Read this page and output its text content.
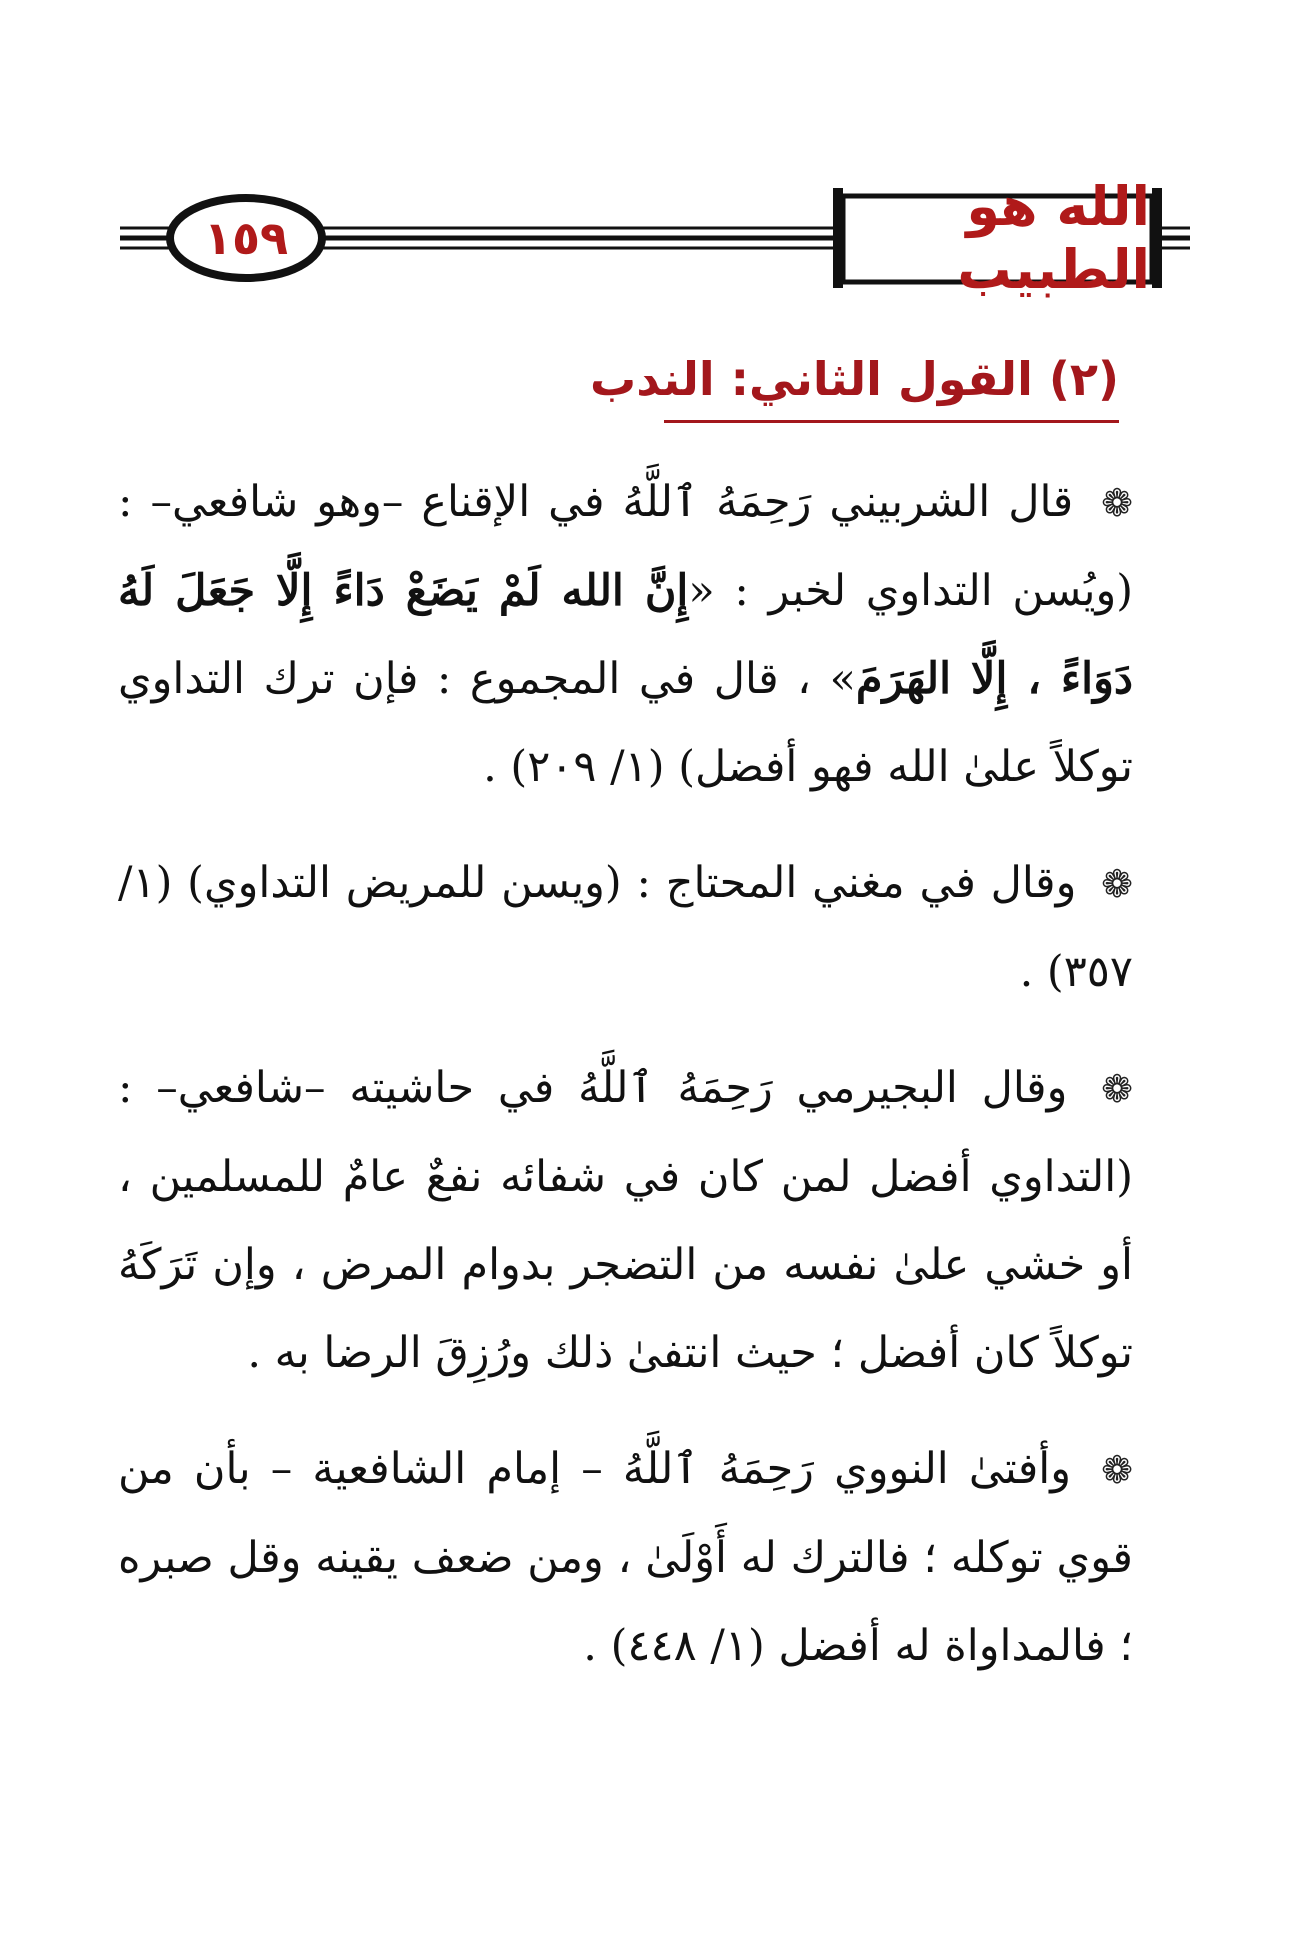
١٥٩	الله هو الطبيب
(٢) القول الثاني: الندب

❁ قال الشربيني رَحِمَهُ ٱللَّهُ في الإقناع –وهو شافعي– : (ويُسن التداوي لخبر : «إِنَّ الله لَمْ يَضَعْ دَاءً إِلَّا جَعَلَ لَهُ دَوَاءً ، إِلَّا الهَرَمَ» ، قال في المجموع : فإن ترك التداوي توكلاً علىٰ الله فهو أفضل) (١/ ٢٠٩) .

❁ وقال في مغني المحتاج : (ويسن للمريض التداوي) (١/ ٣٥٧) .

❁ وقال البجيرمي رَحِمَهُ ٱللَّهُ في حاشيته –شافعي– : (التداوي أفضل لمن كان في شفائه نفعٌ عامٌ للمسلمين ، أو خشي علىٰ نفسه من التضجر بدوام المرض ، وإن تَرَكَهُ توكلاً كان أفضل ؛ حيث انتفىٰ ذلك ورُزِقَ الرضا به .

❁ وأفتىٰ النووي رَحِمَهُ ٱللَّهُ – إمام الشافعية – بأن من قوي توكله ؛ فالترك له أَوْلَىٰ ، ومن ضعف يقينه وقل صبره ؛ فالمداواة له أفضل (١/ ٤٤٨) .
